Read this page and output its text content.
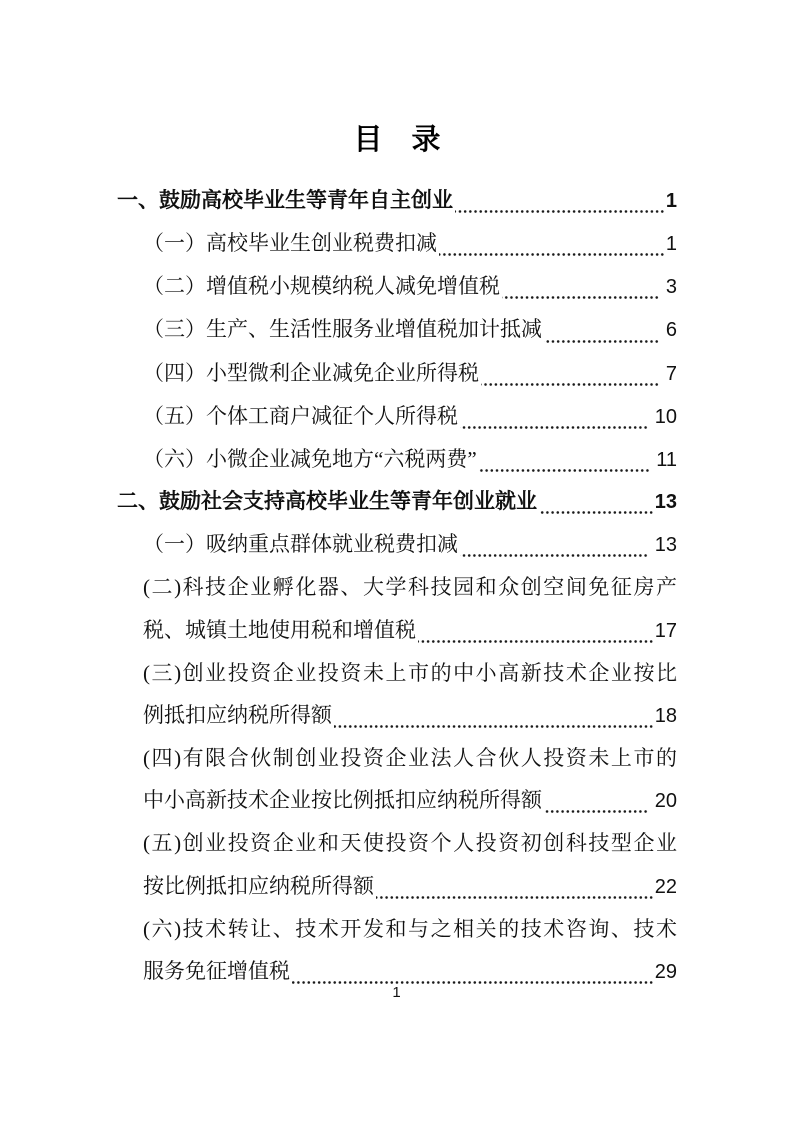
目　录
一、鼓励高校毕业生等青年自主创业	1
（一）高校毕业生创业税费扣减	1
（二）增值税小规模纳税人减免增值税	3
（三）生产、生活性服务业增值税加计抵减	6
（四）小型微利企业减免企业所得税	7
（五）个体工商户减征个人所得税	10
（六）小微企业减免地方“六税两费”	11
二、鼓励社会支持高校毕业生等青年创业就业	13
（一）吸纳重点群体就业税费扣减	13
(二)科技企业孵化器、大学科技园和众创空间免征房产
税、城镇土地使用税和增值税	17
(三)创业投资企业投资未上市的中小高新技术企业按比
例抵扣应纳税所得额	18
(四)有限合伙制创业投资企业法人合伙人投资未上市的
中小高新技术企业按比例抵扣应纳税所得额	20
(五)创业投资企业和天使投资个人投资初创科技型企业
按比例抵扣应纳税所得额	22
(六)技术转让、技术开发和与之相关的技术咨询、技术
服务免征增值税	29
1
